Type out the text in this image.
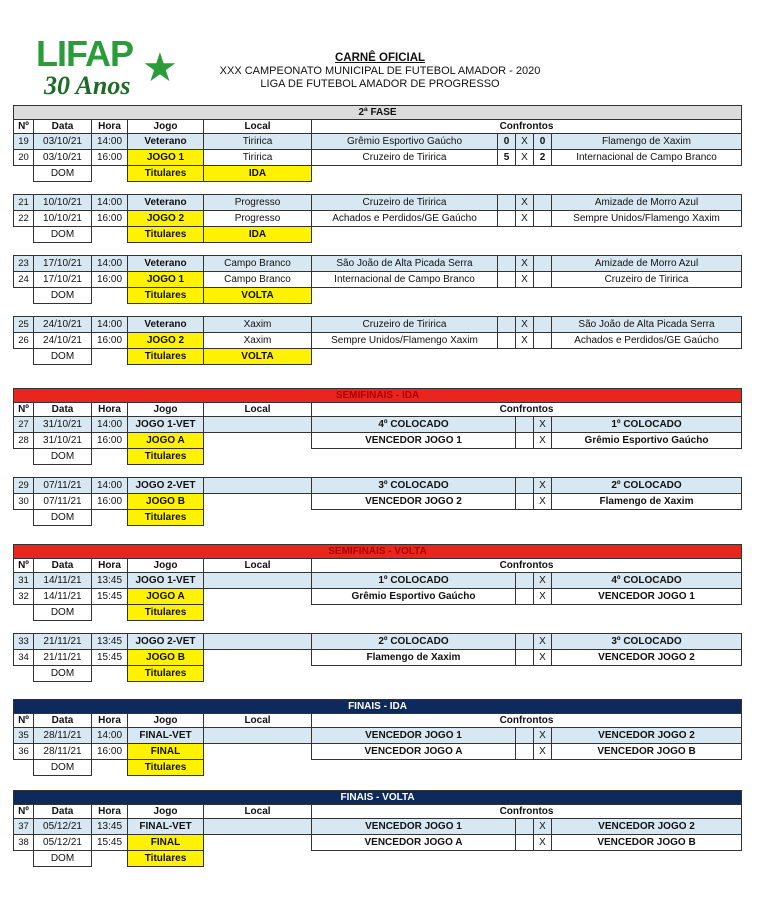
LIFAP ★
30 Anos
CARNÊ OFICIAL
XXX CAMPEONATO MUNICIPAL DE FUTEBOL AMADOR - 2020
LIGA DE FUTEBOL AMADOR DE PROGRESSO
2ª FASE									
Nº	Data	Hora	Jogo	Local	Confrontos				
19	03/10/21	14:00	Veterano	Tiririca	Grêmio Esportivo Gaúcho	0	X	0	Flamengo de Xaxim
20	03/10/21	16:00	JOGO 1	Tiririca	Cruzeiro de Tiririca	5	X	2	Internacional de Campo Branco
	DOM		Titulares	IDA					

21	10/10/21	14:00	Veterano	Progresso	Cruzeiro de Tiririca		X		Amizade de Morro Azul
22	10/10/21	16:00	JOGO 2	Progresso	Achados e Perdidos/GE Gaúcho		X		Sempre Unidos/Flamengo Xaxim
	DOM		Titulares	IDA					

23	17/10/21	14:00	Veterano	Campo Branco	São João de Alta Picada Serra		X		Amizade de Morro Azul
24	17/10/21	16:00	JOGO 1	Campo Branco	Internacional de Campo Branco		X		Cruzeiro de Tiririca
	DOM		Titulares	VOLTA					

25	24/10/21	14:00	Veterano	Xaxim	Cruzeiro de Tiririca		X		São João de Alta Picada Serra
26	24/10/21	16:00	JOGO 2	Xaxim	Sempre Unidos/Flamengo Xaxim		X		Achados e Perdidos/GE Gaúcho
	DOM		Titulares	VOLTA					
SEMIFINAIS - IDA								
Nº	Data	Hora	Jogo	Local	Confrontos			
27	31/10/21	14:00	JOGO 1-VET		4º COLOCADO		X	1º COLOCADO
28	31/10/21	16:00	JOGO A		VENCEDOR JOGO 1		X	Grêmio Esportivo Gaúcho
	DOM		Titulares					

29	07/11/21	14:00	JOGO 2-VET		3º COLOCADO		X	2º COLOCADO
30	07/11/21	16:00	JOGO B		VENCEDOR JOGO 2		X	Flamengo de Xaxim
	DOM		Titulares					
SEMIFINAIS - VOLTA								
Nº	Data	Hora	Jogo	Local	Confrontos			
31	14/11/21	13:45	JOGO 1-VET		1º COLOCADO		X	4º COLOCADO
32	14/11/21	15:45	JOGO A		Grêmio Esportivo Gaúcho		X	VENCEDOR JOGO 1
	DOM		Titulares					

33	21/11/21	13:45	JOGO 2-VET		2º COLOCADO		X	3º COLOCADO
34	21/11/21	15:45	JOGO B		Flamengo de Xaxim		X	VENCEDOR JOGO 2
	DOM		Titulares					
FINAIS - IDA								
Nº	Data	Hora	Jogo	Local	Confrontos			
35	28/11/21	14:00	FINAL-VET		VENCEDOR JOGO 1		X	VENCEDOR JOGO 2
36	28/11/21	16:00	FINAL		VENCEDOR JOGO A		X	VENCEDOR JOGO B
	DOM		Titulares					
FINAIS - VOLTA								
Nº	Data	Hora	Jogo	Local	Confrontos			
37	05/12/21	13:45	FINAL-VET		VENCEDOR JOGO 1		X	VENCEDOR JOGO 2
38	05/12/21	15:45	FINAL		VENCEDOR JOGO A		X	VENCEDOR JOGO B
	DOM		Titulares					
